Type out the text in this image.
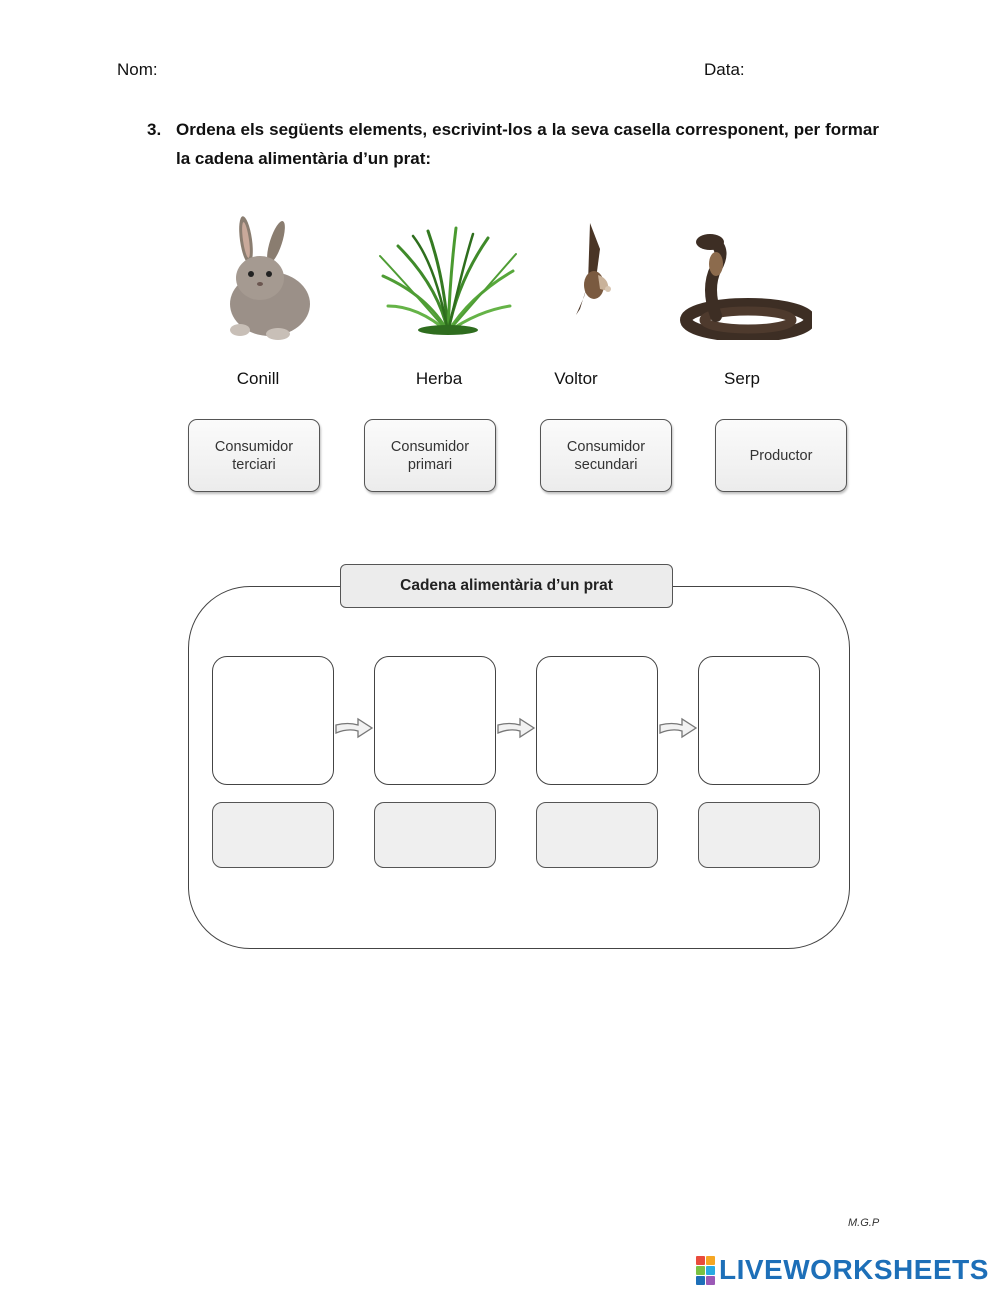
Nom:	Data:
3. Ordena els següents elements, escrivint-los a la seva casella corresponent, per formar la cadena alimentària d’un prat:
Conill	Herba	Voltor	Serp
Consumidor
terciari
Consumidor
primari
Consumidor
secundari
Productor
Cadena alimentària d’un prat
M.G.P
LIVEWORKSHEETS
